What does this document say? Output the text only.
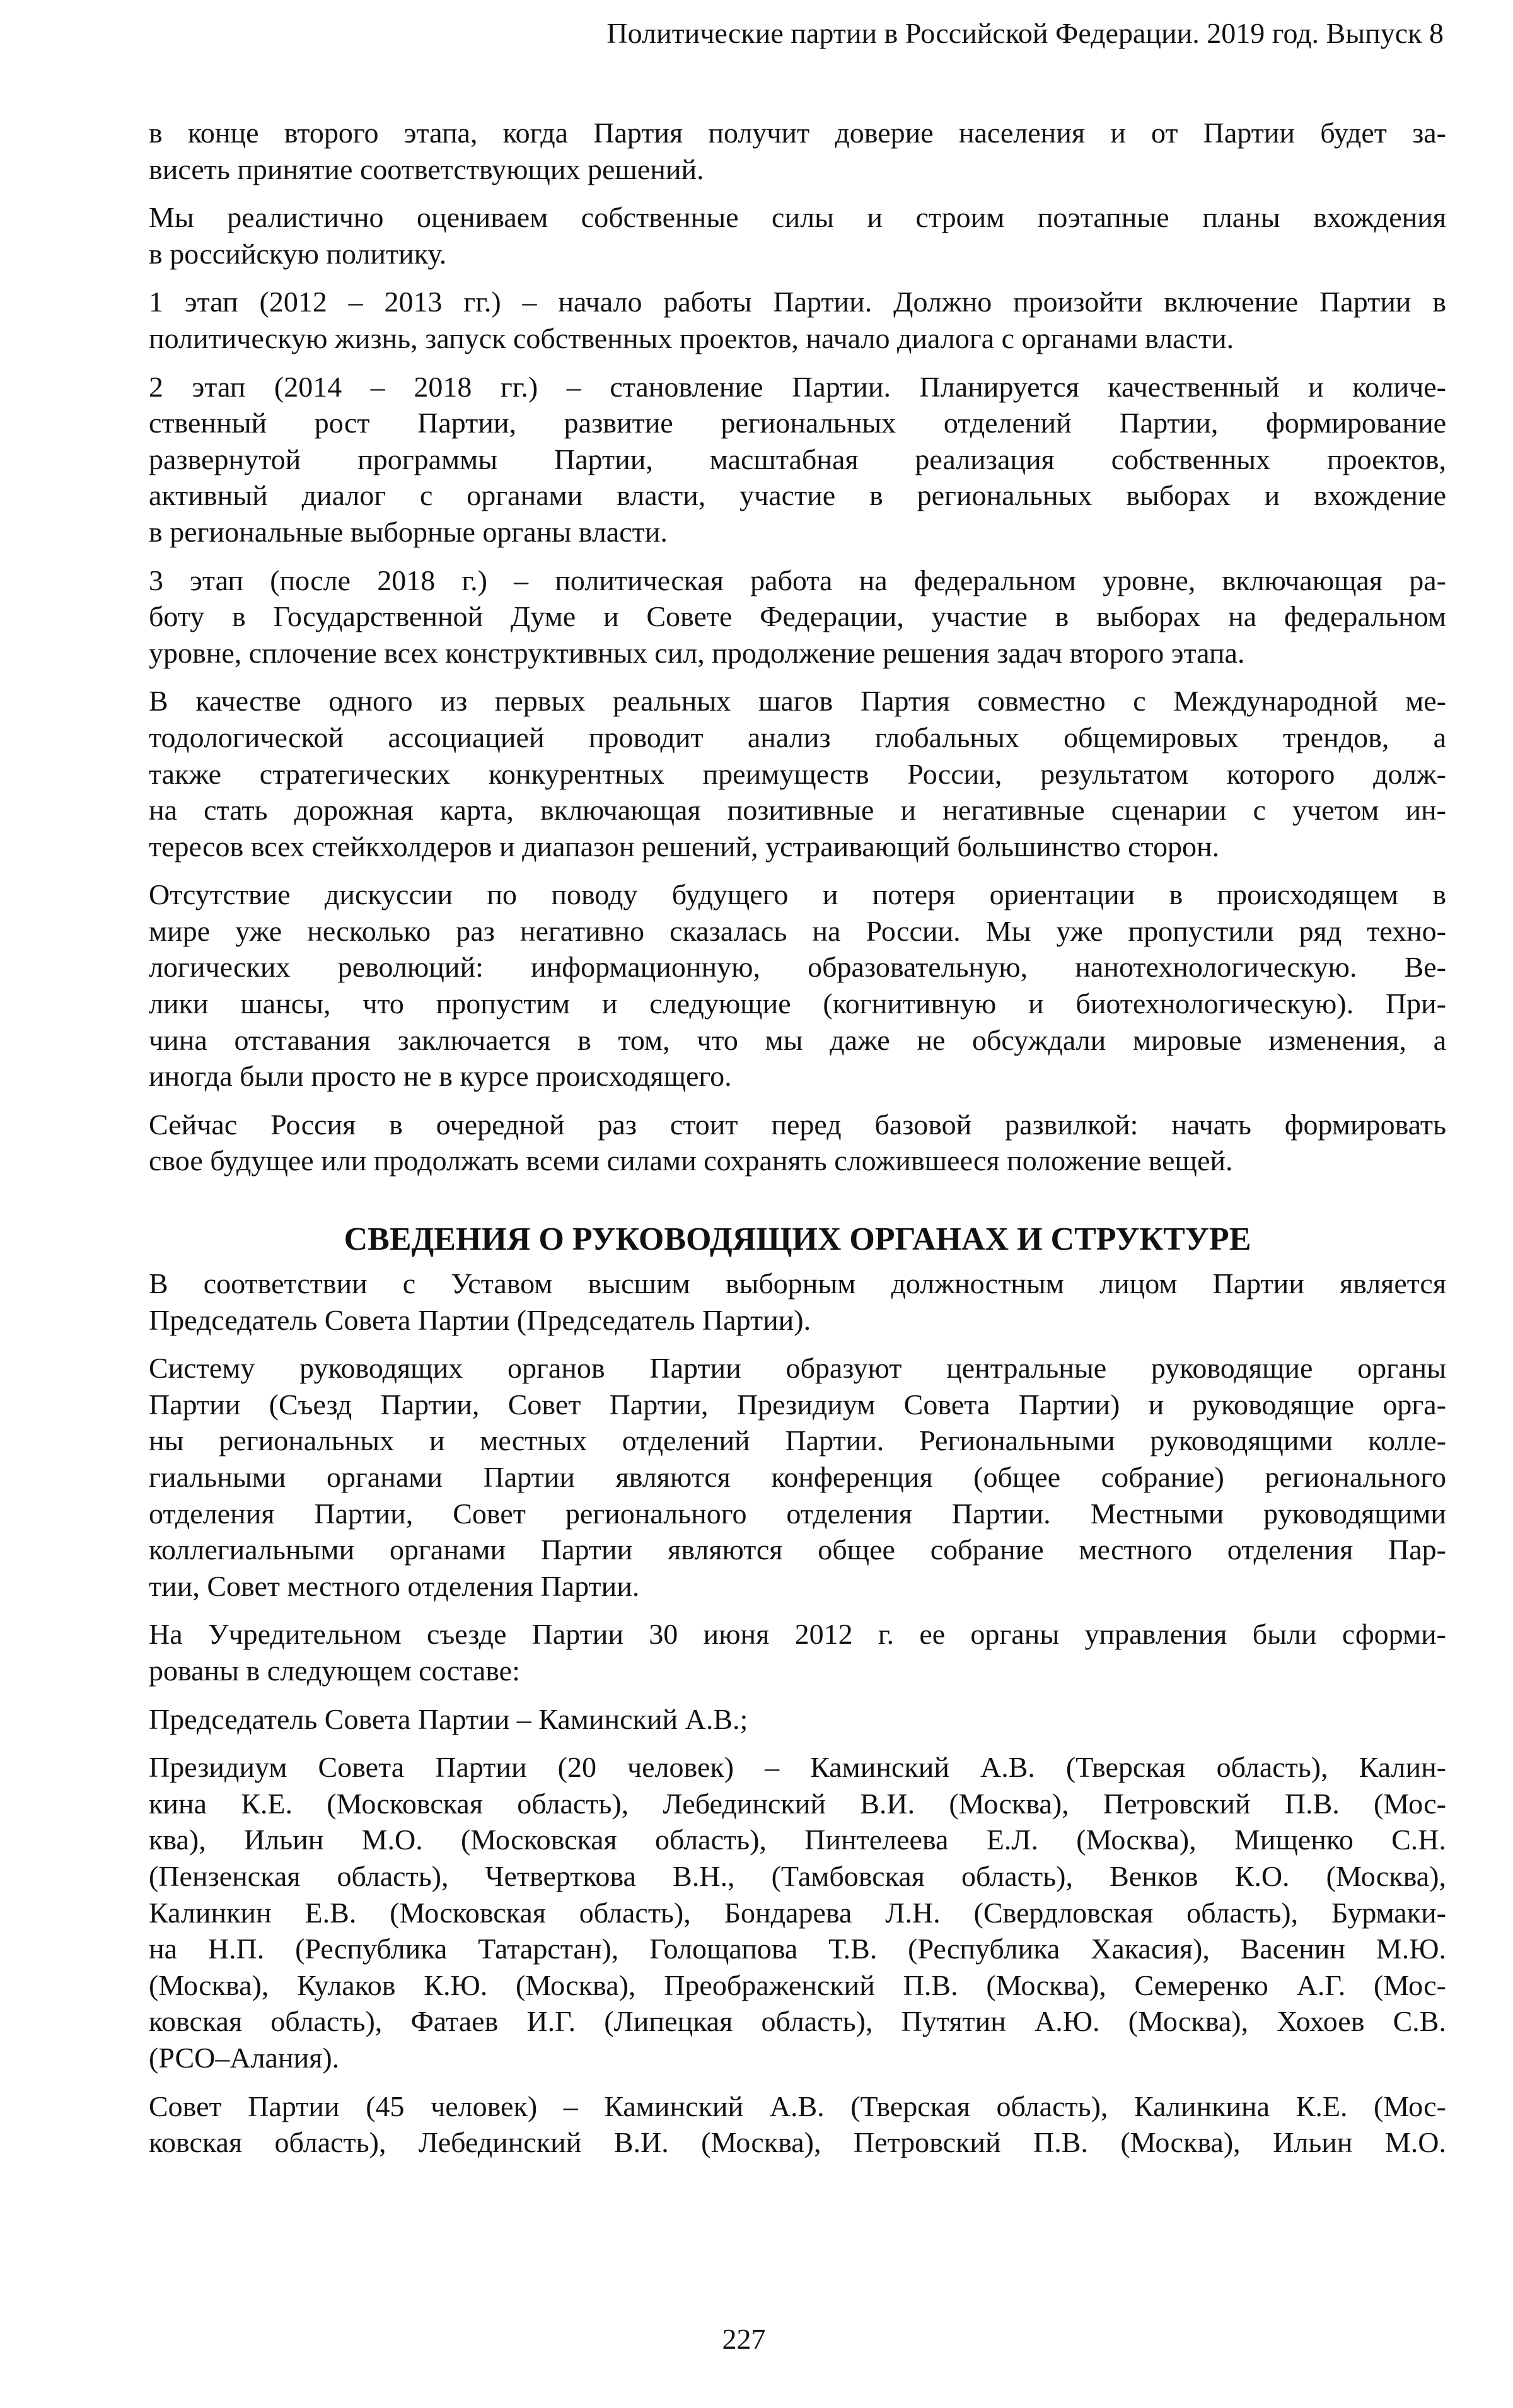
Политические партии в Российской Федерации. 2019 год. Выпуск 8
в конце второго этапа, когда Партия получит доверие населения и от Партии будет за-
висеть принятие соответствующих решений.
Мы реалистично оцениваем собственные силы и строим поэтапные планы вхождения
в российскую политику.
1 этап (2012 – 2013 гг.) – начало работы Партии. Должно произойти включение Партии в
политическую жизнь, запуск собственных проектов, начало диалога с органами власти.
2 этап (2014 – 2018 гг.) – становление Партии. Планируется качественный и количе-
ственный рост Партии, развитие региональных отделений Партии, формирование
развернутой программы Партии, масштабная реализация собственных проектов,
активный диалог с органами власти, участие в региональных выборах и вхождение
в региональные выборные органы власти.
3 этап (после 2018 г.) – политическая работа на федеральном уровне, включающая ра-
боту в Государственной Думе и Совете Федерации, участие в выборах на федеральном
уровне, сплочение всех конструктивных сил, продолжение решения задач второго этапа.
В качестве одного из первых реальных шагов Партия совместно с Международной ме-
тодологической ассоциацией проводит анализ глобальных общемировых трендов, а
также стратегических конкурентных преимуществ России, результатом которого долж-
на стать дорожная карта, включающая позитивные и негативные сценарии с учетом ин-
тересов всех стейкхолдеров и диапазон решений, устраивающий большинство сторон.
Отсутствие дискуссии по поводу будущего и потеря ориентации в происходящем в
мире уже несколько раз негативно сказалась на России. Мы уже пропустили ряд техно-
логических революций: информационную, образовательную, нанотехнологическую. Ве-
лики шансы, что пропустим и следующие (когнитивную и биотехнологическую). При-
чина отставания заключается в том, что мы даже не обсуждали мировые изменения, а
иногда были просто не в курсе происходящего.
Сейчас Россия в очередной раз стоит перед базовой развилкой: начать формировать
свое будущее или продолжать всеми силами сохранять сложившееся положение вещей.
СВЕДЕНИЯ О РУКОВОДЯЩИХ ОРГАНАХ И СТРУКТУРЕ
В соответствии с Уставом высшим выборным должностным лицом Партии является
Председатель Совета Партии (Председатель Партии).
Систему руководящих органов Партии образуют центральные руководящие органы
Партии (Съезд Партии, Совет Партии, Президиум Совета Партии) и руководящие орга-
ны региональных и местных отделений Партии. Региональными руководящими колле-
гиальными органами Партии являются конференция (общее собрание) регионального
отделения Партии, Совет регионального отделения Партии. Местными руководящими
коллегиальными органами Партии являются общее собрание местного отделения Пар-
тии, Совет местного отделения Партии.
На Учредительном съезде Партии 30 июня 2012 г. ее органы управления были сформи-
рованы в следующем составе:
Председатель Совета Партии – Каминский А.В.;
Президиум Совета Партии (20 человек) – Каминский А.В. (Тверская область), Калин-
кина К.Е. (Московская область), Лебединский В.И. (Москва), Петровский П.В. (Мос-
ква), Ильин М.О. (Московская область), Пинтелеева Е.Л. (Москва), Мищенко С.Н.
(Пензенская область), Четверткова В.Н., (Тамбовская область), Венков К.О. (Москва),
Калинкин Е.В. (Московская область), Бондарева Л.Н. (Свердловская область), Бурмаки-
на Н.П. (Республика Татарстан), Голощапова Т.В. (Республика Хакасия), Васенин М.Ю.
(Москва), Кулаков К.Ю. (Москва), Преображенский П.В. (Москва), Семеренко А.Г. (Мос-
ковская область), Фатаев И.Г. (Липецкая область), Путятин А.Ю. (Москва), Хохоев С.В.
(РСО–Алания).
Совет Партии (45 человек) – Каминский А.В. (Тверская область), Калинкина К.Е. (Мос-
ковская область), Лебединский В.И. (Москва), Петровский П.В. (Москва), Ильин М.О.
227
